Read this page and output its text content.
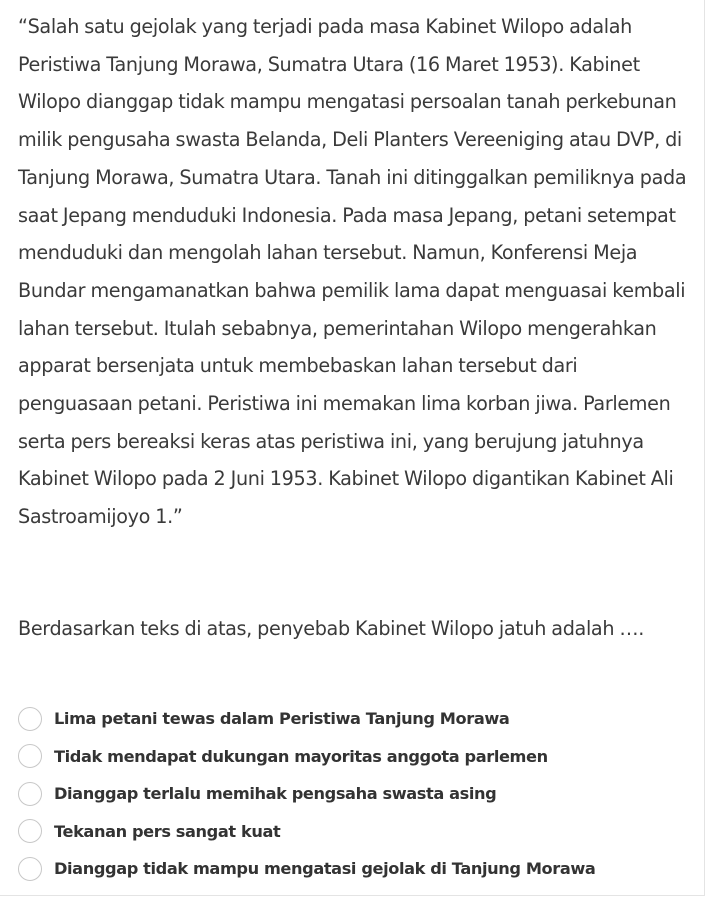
“Salah satu gejolak yang terjadi pada masa Kabinet Wilopo adalah Peristiwa Tanjung Morawa, Sumatra Utara (16 Maret 1953). Kabinet Wilopo dianggap tidak mampu mengatasi persoalan tanah perkebunan milik pengusaha swasta Belanda, Deli Planters Vereeniging atau DVP, di Tanjung Morawa, Sumatra Utara. Tanah ini ditinggalkan pemiliknya pada saat Jepang menduduki Indonesia. Pada masa Jepang, petani setempat menduduki dan mengolah lahan tersebut. Namun, Konferensi Meja Bundar mengamanatkan bahwa pemilik lama dapat menguasai kembali lahan tersebut. Itulah sebabnya, pemerintahan Wilopo mengerahkan apparat bersenjata untuk membebaskan lahan tersebut dari penguasaan petani. Peristiwa ini memakan lima korban jiwa. Parlemen serta pers bereaksi keras atas peristiwa ini, yang berujung jatuhnya Kabinet Wilopo pada 2 Juni 1953. Kabinet Wilopo digantikan Kabinet Ali Sastroamijoyo 1.”

Berdasarkan teks di atas, penyebab Kabinet Wilopo jatuh adalah ….

Lima petani tewas dalam Peristiwa Tanjung Morawa
Tidak mendapat dukungan mayoritas anggota parlemen
Dianggap terlalu memihak pengsaha swasta asing
Tekanan pers sangat kuat
Dianggap tidak mampu mengatasi gejolak di Tanjung Morawa
